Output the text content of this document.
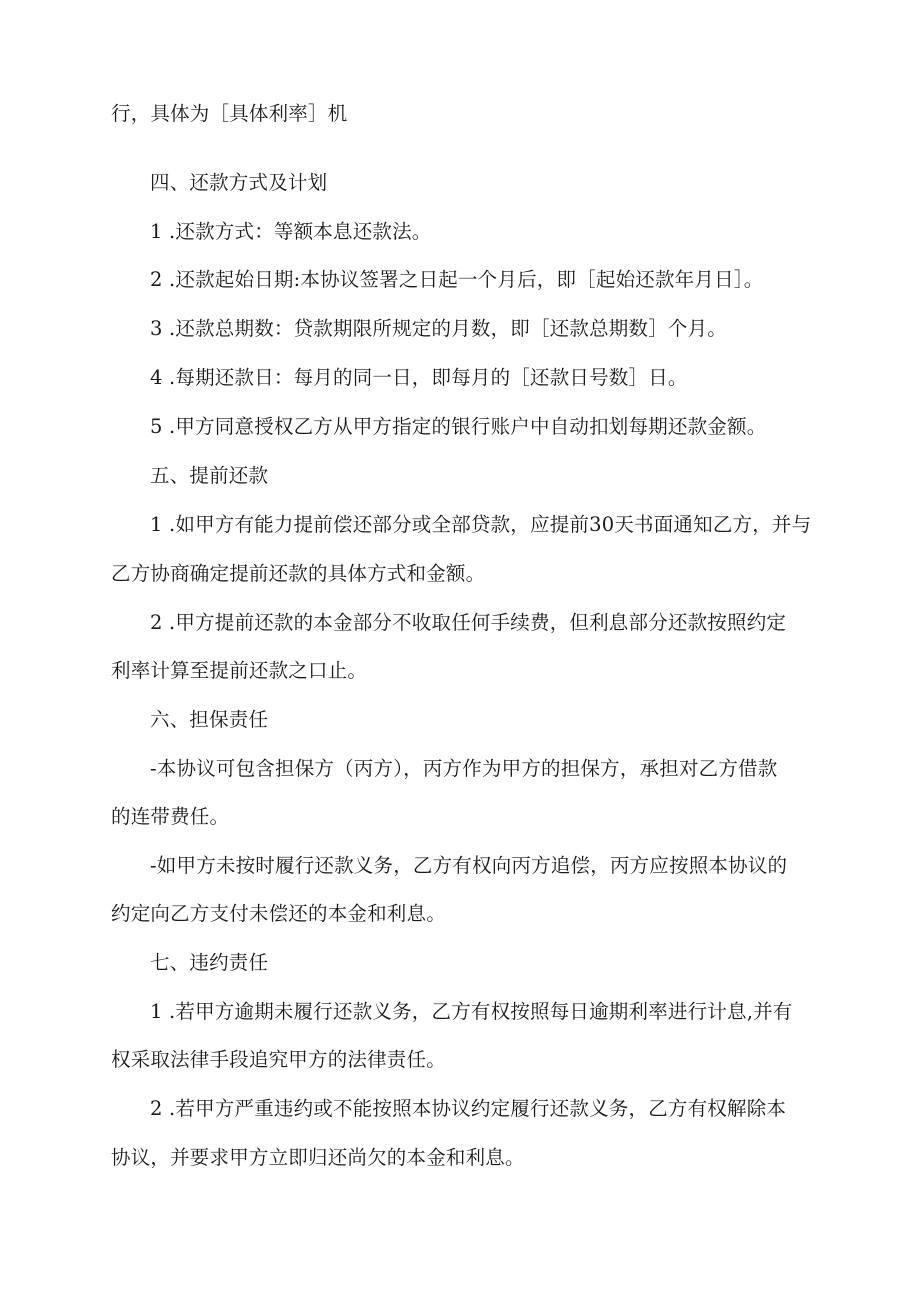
行，具体为［具体利率］机
四、还款方式及计划
1 .还款方式：等额本息还款法。
2 .还款起始日期:本协议签署之日起一个月后，即［起始还款年月日］。
3 .还款总期数：贷款期限所规定的月数，即［还款总期数］个月。
4 .每期还款日：每月的同一日，即每月的［还款日号数］日。
5 .甲方同意授权乙方从甲方指定的银行账户中自动扣划每期还款金额。
五、提前还款
1 .如甲方有能力提前偿还部分或全部贷款，应提前30天书面通知乙方，并与
乙方协商确定提前还款的具体方式和金额。
2 .甲方提前还款的本金部分不收取任何手续费，但利息部分还款按照约定
利率计算至提前还款之口止。
六、担保责任
-本协议可包含担保方（丙方），丙方作为甲方的担保方，承担对乙方借款
的连带费任。
-如甲方未按时履行还款义务，乙方有权向丙方追偿，丙方应按照本协议的
约定向乙方支付未偿还的本金和利息。
七、违约责任
1 .若甲方逾期未履行还款义务，乙方有权按照每日逾期利率进行计息,并有
权采取法律手段追究甲方的法律责任。
2 .若甲方严重违约或不能按照本协议约定履行还款义务，乙方有权解除本
协议，并要求甲方立即归还尚欠的本金和利息。
